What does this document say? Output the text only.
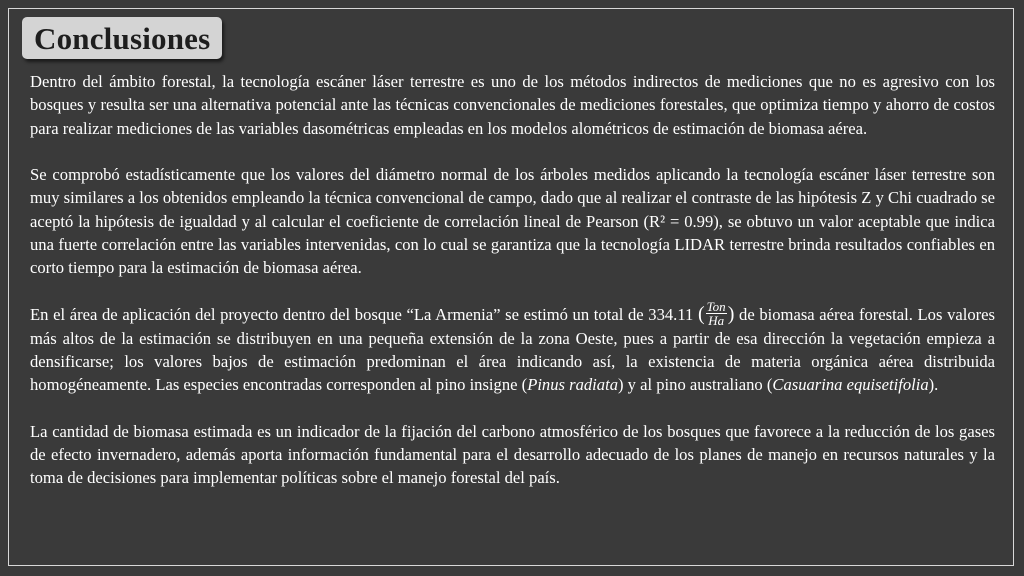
Conclusiones

Dentro del ámbito forestal, la tecnología escáner láser terrestre es uno de los métodos indirectos de mediciones que no es agresivo con los bosques y resulta ser una alternativa potencial ante las técnicas convencionales de mediciones forestales, que optimiza tiempo y ahorro de costos para realizar mediciones de las variables dasométricas empleadas en los modelos alométricos de estimación de biomasa aérea.

Se comprobó estadísticamente que los valores del diámetro normal de los árboles medidos aplicando la tecnología escáner láser terrestre son muy similares a los obtenidos empleando la técnica convencional de campo, dado que al realizar el contraste de las hipótesis Z y Chi cuadrado se aceptó la hipótesis de igualdad y al calcular el coeficiente de correlación lineal de Pearson (R² = 0.99), se obtuvo un valor aceptable que indica una fuerte correlación entre las variables intervenidas, con lo cual se garantiza que la tecnología LIDAR terrestre brinda resultados confiables en corto tiempo para la estimación de biomasa aérea.

En el área de aplicación del proyecto dentro del bosque “La Armenia” se estimó un total de 334.11 ( $\frac{\text{Ton}}{Ha}$ ) de biomasa aérea forestal. Los valores más altos de la estimación se distribuyen en una pequeña extensión de la zona Oeste, pues a partir de esa dirección la vegetación empieza a densificarse; los valores bajos de estimación predominan el área indicando así, la existencia de materia orgánica aérea distribuida homogéneamente. Las especies encontradas corresponden al pino insigne (Pinus radiata) y al pino australiano (Casuarina equisetifolia).

La cantidad de biomasa estimada es un indicador de la fijación del carbono atmosférico de los bosques que favorece a la reducción de los gases de efecto invernadero, además aporta información fundamental para el desarrollo adecuado de los planes de manejo en recursos naturales y la toma de decisiones para implementar políticas sobre el manejo forestal del país.
